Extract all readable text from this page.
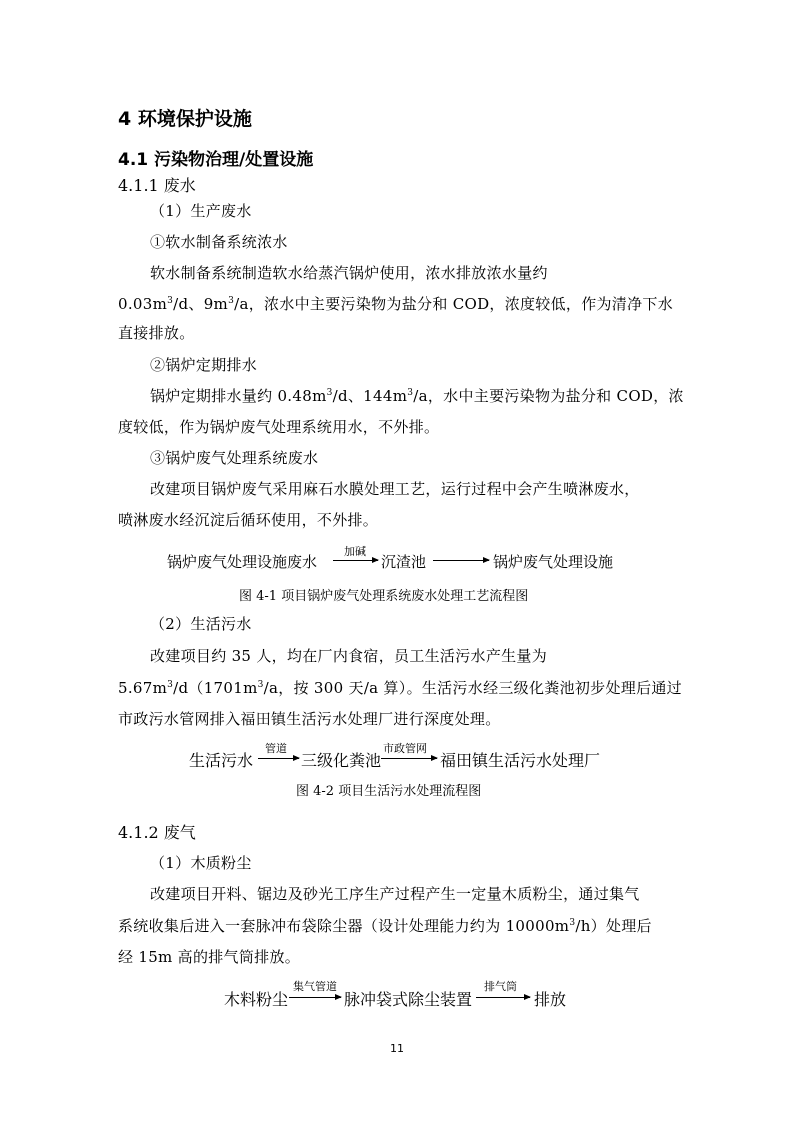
4 环境保护设施
4.1 污染物治理/处置设施
4.1.1 废水
（1）生产废水
①软水制备系统浓水
软水制备系统制造软水给蒸汽锅炉使用，浓水排放浓水量约
$0.03m^3/d$、$9m^3/a$，浓水中主要污染物为盐分和 COD，浓度较低，作为清净下水
直接排放。
②锅炉定期排水
锅炉定期排水量约 $0.48m^3/d$、$144m^3/a$，水中主要污染物为盐分和 COD，浓
度较低，作为锅炉废气处理系统用水，不外排。
③锅炉废气处理系统废水
改建项目锅炉废气采用麻石水膜处理工艺，运行过程中会产生喷淋废水，
喷淋废水经沉淀后循环使用，不外排。
锅炉废气处理设施废水
加碱
沉渣池	锅炉废气处理设施
图 4-1 项目锅炉废气处理系统废水处理工艺流程图
（2）生活污水
改建项目约 35 人，均在厂内食宿，员工生活污水产生量为
$5.67m^3/d(1701m^3/a$，按 300 天/a 算）。生活污水经三级化粪池初步处理后通过
市政污水管网排入福田镇生活污水处理厂进行深度处理。
生活污水
管道
三级化粪池
市政管网
福田镇生活污水处理厂
图 4-2 项目生活污水处理流程图
4.1.2 废气
（1）木质粉尘
改建项目开料、锯边及砂光工序生产过程产生一定量木质粉尘，通过集气
系统收集后进入一套脉冲布袋除尘器（设计处理能力约为 $10000m^3/h$）处理后
经 15m 高的排气筒排放。
木料粉尘
集气管道
脉冲袋式除尘装置
排气筒
排放
11
